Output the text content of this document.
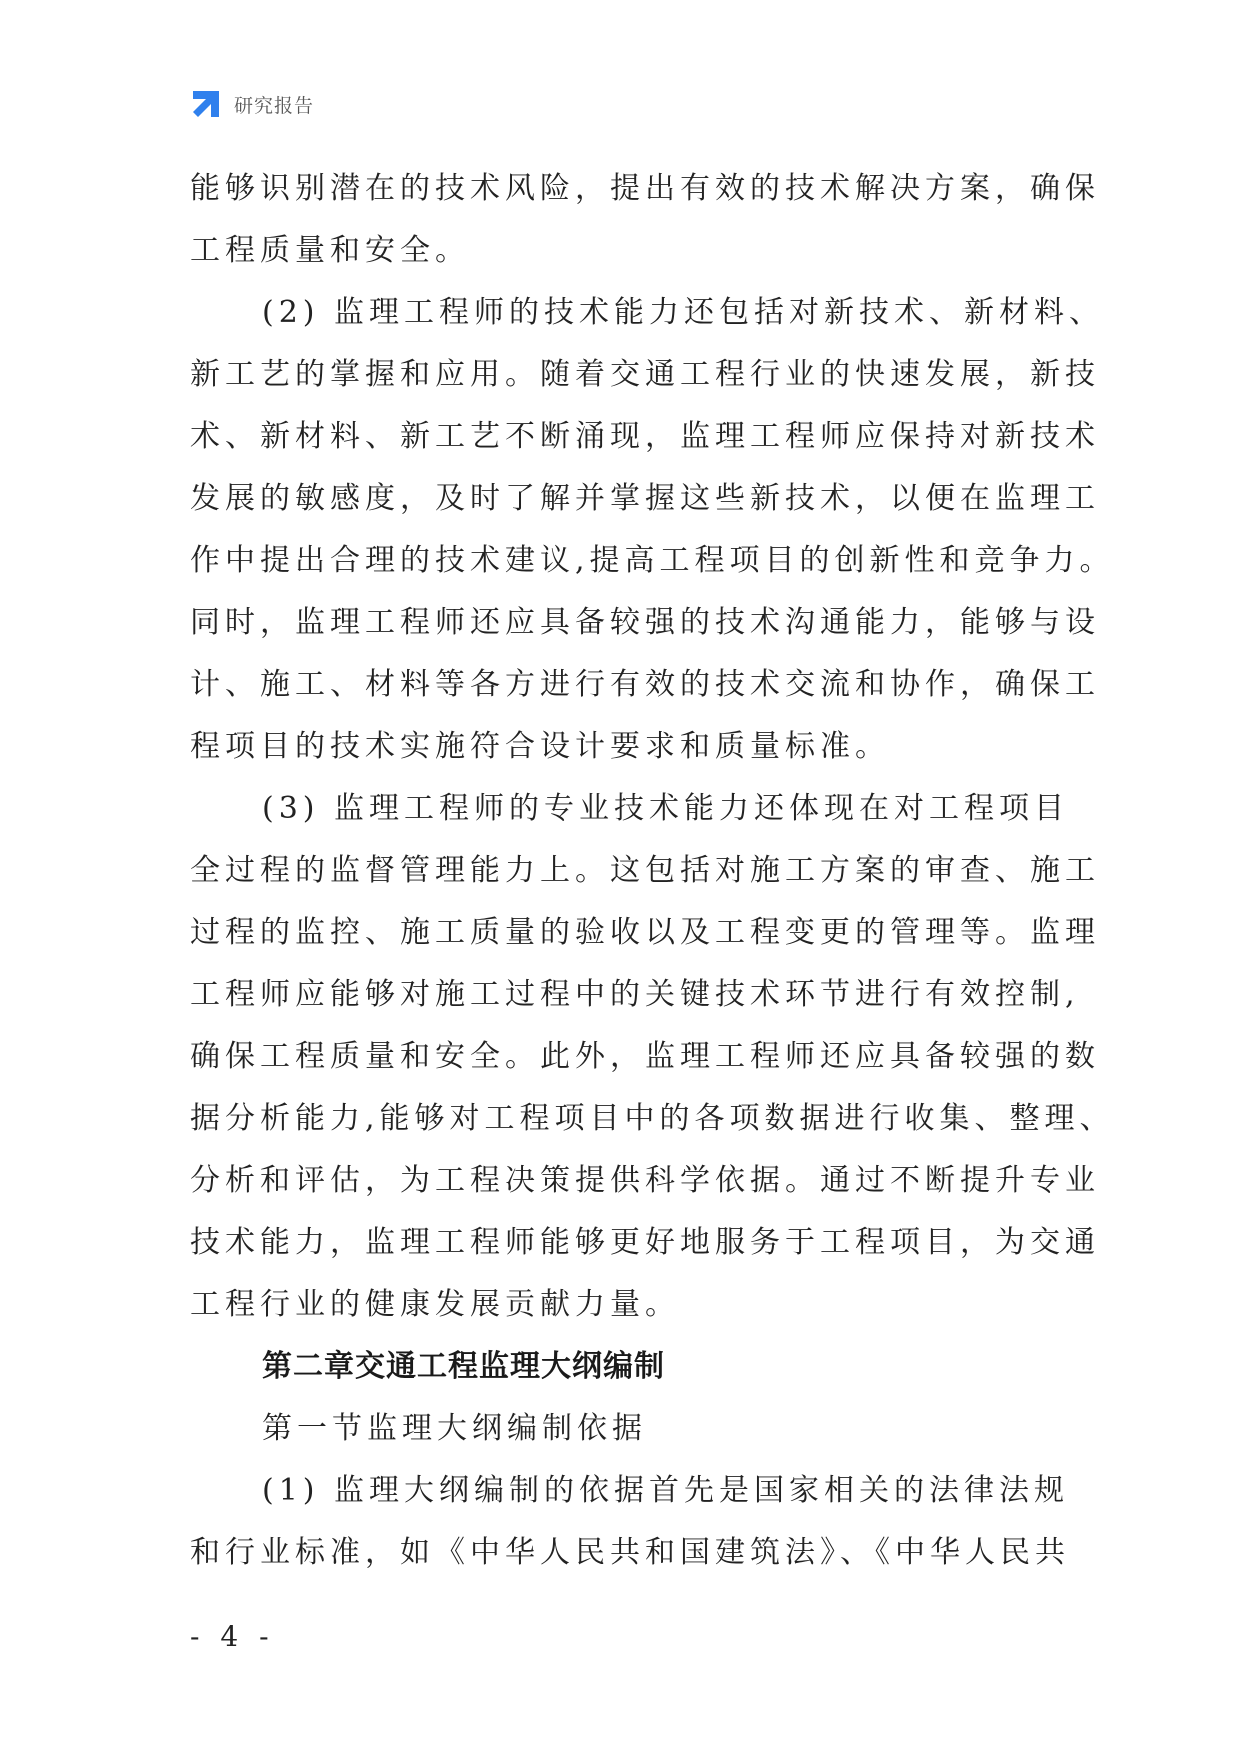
研究报告
能够识别潜在的技术风险，提出有效的技术解决方案，确保
工程质量和安全。
(2) 监理工程师的技术能力还包括对新技术、新材料、
新工艺的掌握和应用。随着交通工程行业的快速发展，新技
术、新材料、新工艺不断涌现，监理工程师应保持对新技术
发展的敏感度，及时了解并掌握这些新技术，以便在监理工
作中提出合理的技术建议,提高工程项目的创新性和竞争力。
同时，监理工程师还应具备较强的技术沟通能力，能够与设
计、施工、材料等各方进行有效的技术交流和协作，确保工
程项目的技术实施符合设计要求和质量标准。
(3) 监理工程师的专业技术能力还体现在对工程项目
全过程的监督管理能力上。这包括对施工方案的审查、施工
过程的监控、施工质量的验收以及工程变更的管理等。监理
工程师应能够对施工过程中的关键技术环节进行有效控制,
确保工程质量和安全。此外，监理工程师还应具备较强的数
据分析能力,能够对工程项目中的各项数据进行收集、整理、
分析和评估，为工程决策提供科学依据。通过不断提升专业
技术能力，监理工程师能够更好地服务于工程项目，为交通
工程行业的健康发展贡献力量。
第二章交通工程监理大纲编制
第一节监理大纲编制依据
(1) 监理大纲编制的依据首先是国家相关的法律法规
和行业标准，如《中华人民共和国建筑法》、《中华人民共
- 4 -
